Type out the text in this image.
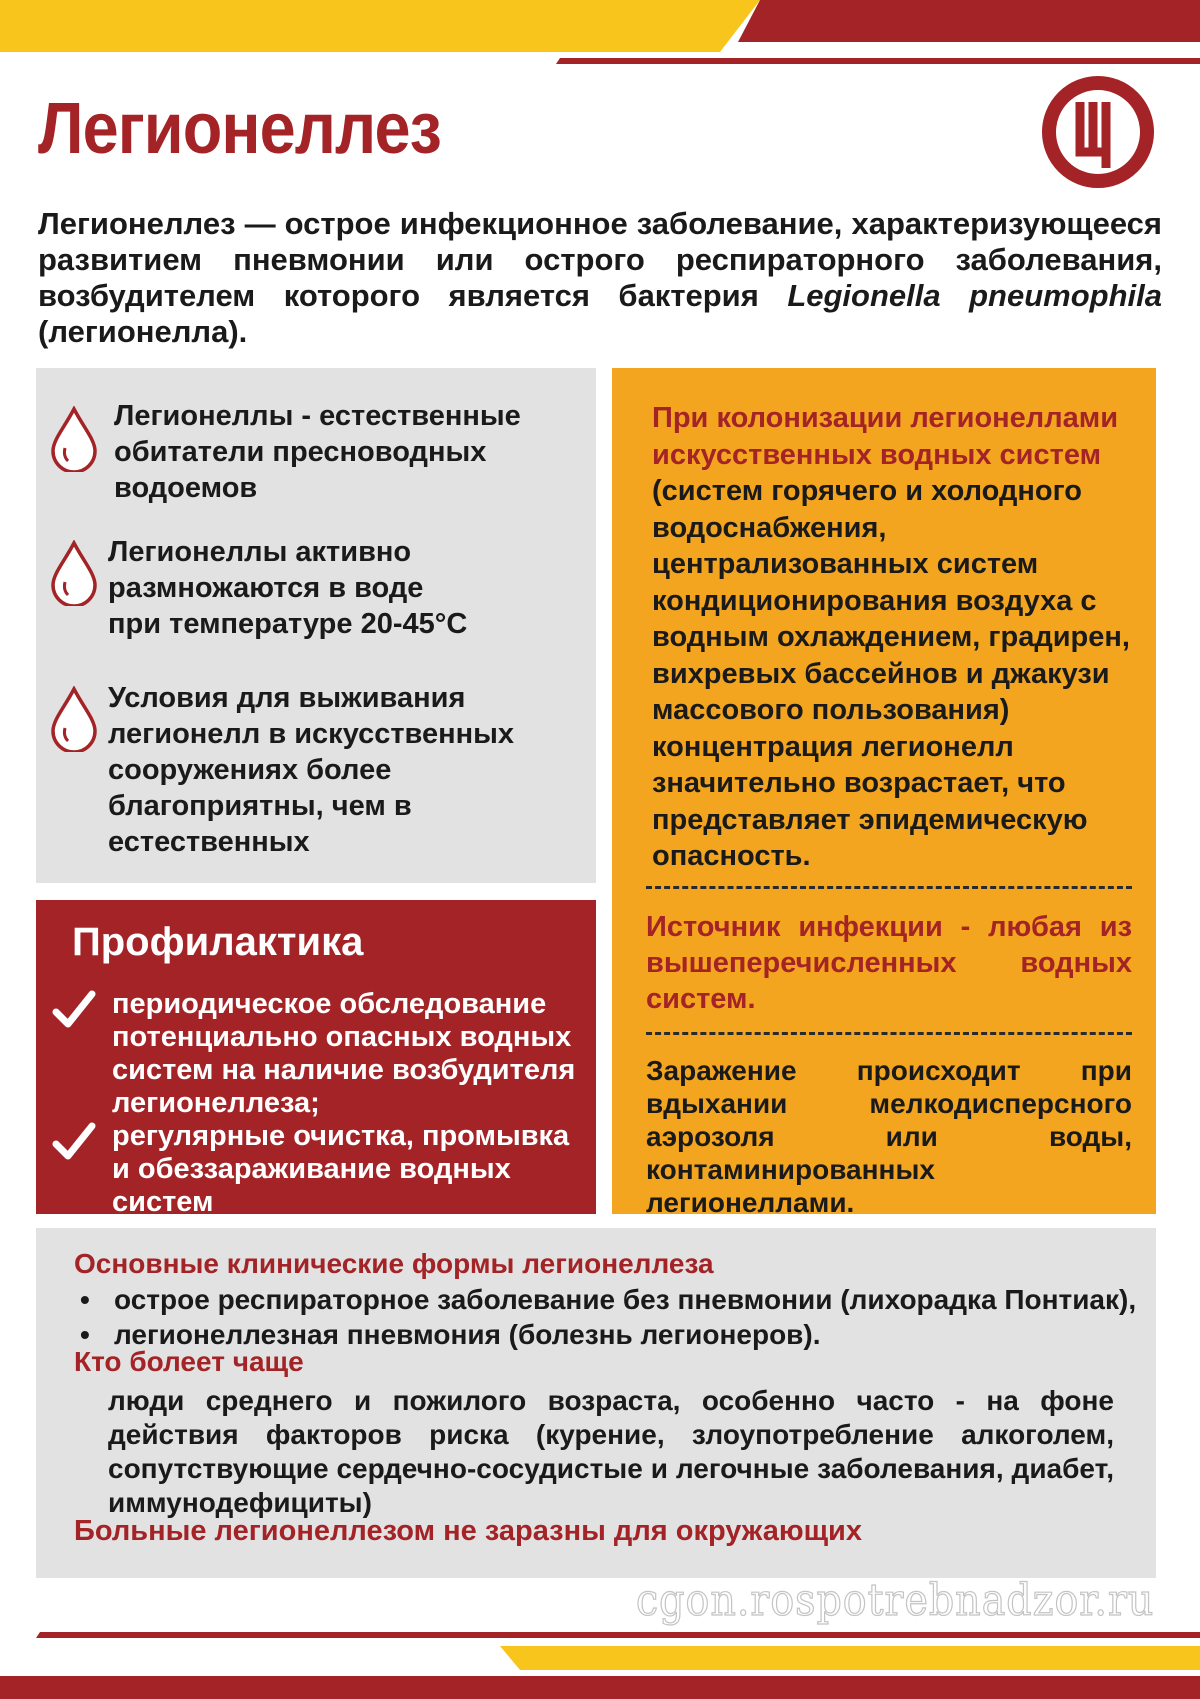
Легионеллез
Легионеллез — острое инфекционное заболевание, характеризующееся развитием пневмонии или острого респираторного заболевания, возбудителем которого является бактерия Legionella pneumophila (легионелла).
Легионеллы - естественные
обитатели пресноводных
водоемов
Легионеллы активно
размножаются в воде
при температуре 20-45°С
Условия для выживания
легионелл в искусственных
сооружениях более
благоприятны, чем в
естественных
При колонизации легионеллами искусственных водных систем (систем горячего и холодного водоснабжения, централизованных систем кондиционирования воздуха с водным охлаждением, градирен, вихревых бассейнов и джакузи массового пользования) концентрация легионелл значительно возрастает, что представляет эпидемическую опасность.
Источник инфекции - любая из вышеперечисленных водных систем.
Заражение происходит при вдыхании мелкодисперсного аэрозоля или воды, контаминированных легионеллами.
Профилактика
периодическое обследование потенциально опасных водных систем на наличие возбудителя легионеллеза;
регулярные очистка, промывка и обеззараживание водных систем
Основные клинические формы легионеллеза
• острое респираторное заболевание без пневмонии (лихорадка Понтиак),
• легионеллезная пневмония (болезнь легионеров).
Кто болеет чаще
люди среднего и пожилого возраста, особенно часто - на фоне действия факторов риска (курение, злоупотребление алкоголем, сопутствующие сердечно-сосудистые и легочные заболевания, диабет, иммунодефициты)
Больные легионеллезом не заразны для окружающих
cgon.rospotrebnadzor.ru
